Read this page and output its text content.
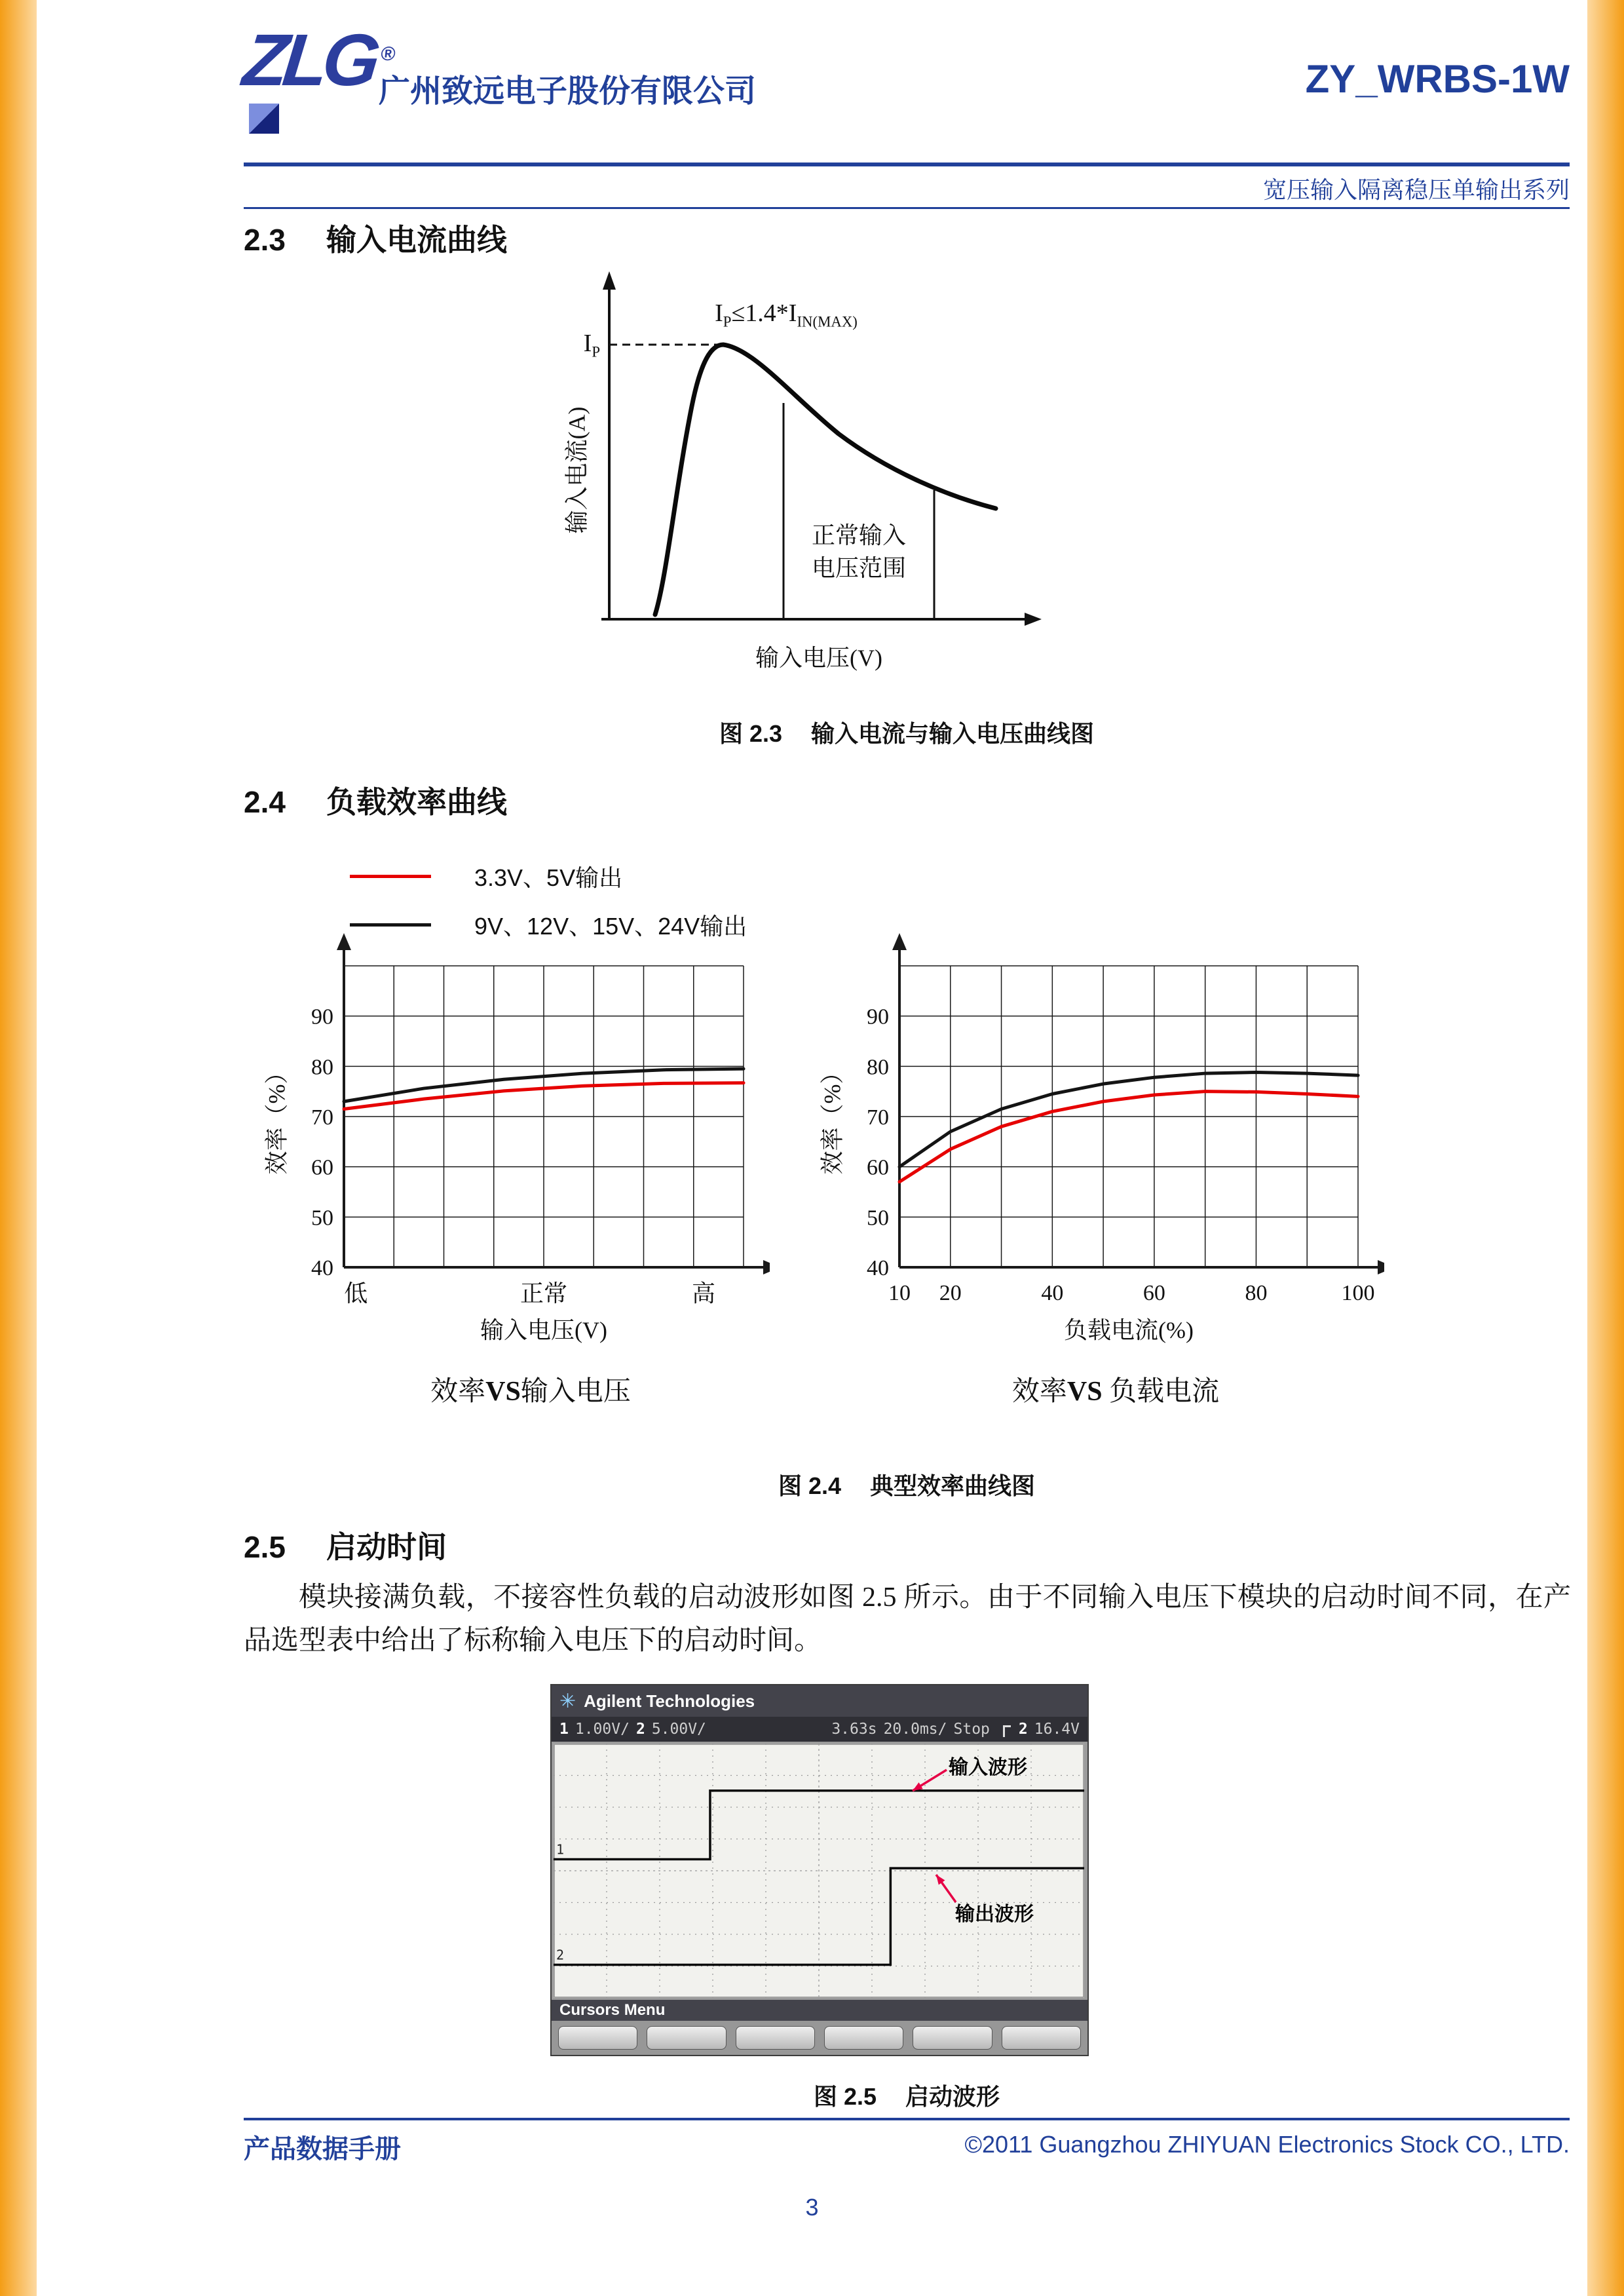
ZLG®
广州致远电子股份有限公司	ZY_WRBS-1W
宽压输入隔离稳压单输出系列
2.3 输入电流曲线
$I_P\le 1.4*I_{IN(MAX)}$
$I_P$
输入电流(A)
正常输入
电压范围
输入电压(V)
图 2.3 输入电流与输入电压曲线图
2.4 负载效率曲线
3.3V、5V输出
9V、12V、15V、24V输出
40
50
60
70
80
90
低	正常	高
输入电压(V)
40
50
60
70
80
90
10 20	40	60	80	100
负载电流(%)
效率（%）	效率（%）
效率VS输入电压	效率VS 负载电流
图 2.4 典型效率曲线图
2.5 启动时间
模块接满负载，不接容性负载的启动波形如图 2.5 所示。由于不同输入电压下模块的启动时间不同，在产品选型表中给出了标称输入电压下的启动时间。
✳ Agilent Technologies
1 1.00V/ 2 5.00V/	3.63s 20.0ms/ Stop 2 16.4V
1
2
输入波形
输出波形
Cursors Menu
图 2.5 启动波形
产品数据手册	©2011 Guangzhou ZHIYUAN Electronics Stock CO., LTD.
3
